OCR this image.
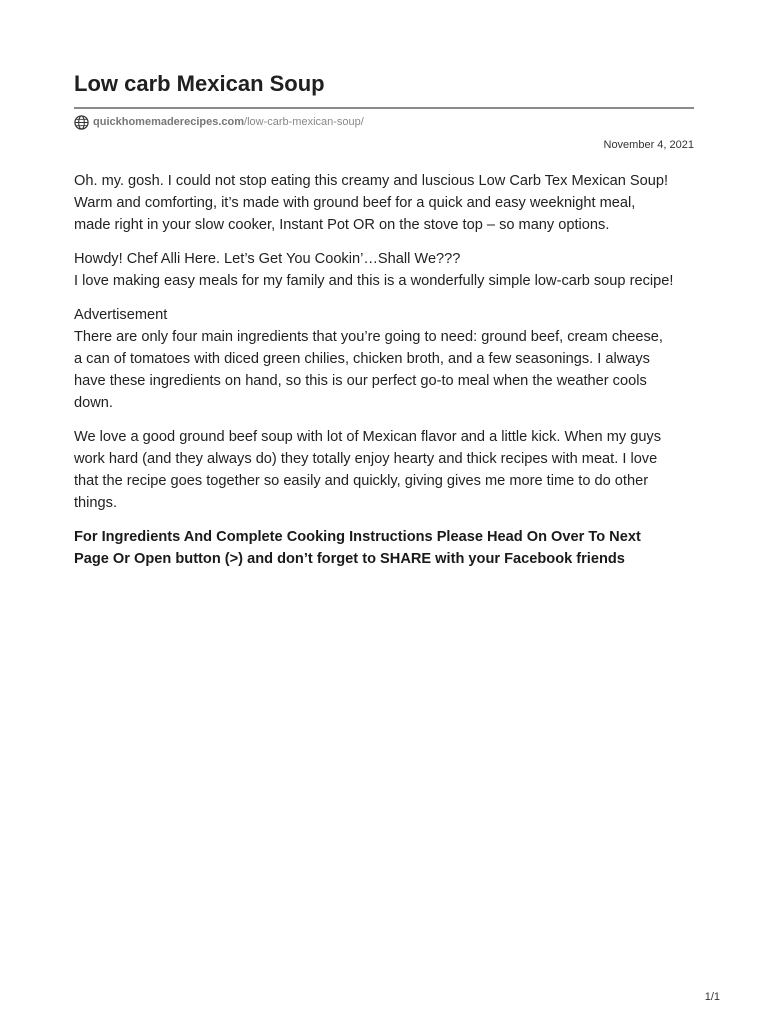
Low carb Mexican Soup
quickhomemaderecipes.com /low-carb-mexican-soup/
November 4, 2021

Oh. my. gosh. I could not stop eating this creamy and luscious Low Carb Tex Mexican Soup!
Warm and comforting, it’s made with ground beef for a quick and easy weeknight meal,
made right in your slow cooker, Instant Pot OR on the stove top – so many options.

Howdy! Chef Alli Here. Let’s Get You Cookin’…Shall We???
I love making easy meals for my family and this is a wonderfully simple low-carb soup recipe!

Advertisement
There are only four main ingredients that you’re going to need: ground beef, cream cheese,
a can of tomatoes with diced green chilies, chicken broth, and a few seasonings. I always
have these ingredients on hand, so this is our perfect go-to meal when the weather cools
down.

We love a good ground beef soup with lot of Mexican flavor and a little kick. When my guys
work hard (and they always do) they totally enjoy hearty and thick recipes with meat. I love
that the recipe goes together so easily and quickly, giving gives me more time to do other
things.

For Ingredients And Complete Cooking Instructions Please Head On Over To Next
Page Or Open button (>) and don’t forget to SHARE with your Facebook friends

1/1
